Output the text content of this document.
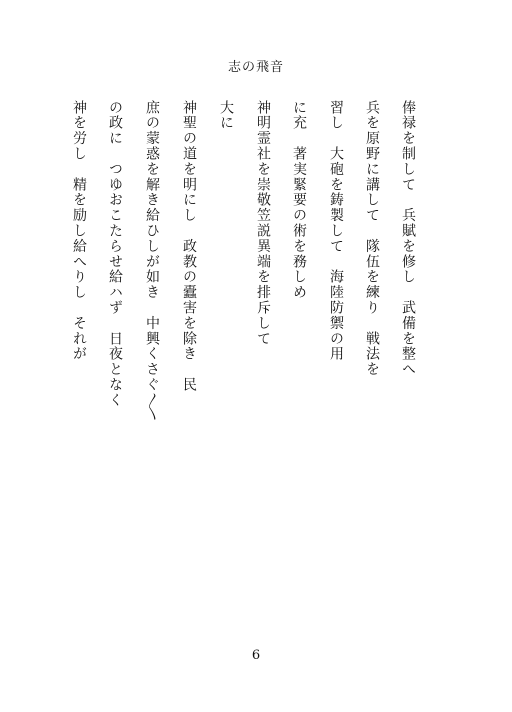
志の飛音
俸禄を制して　兵賦を修し　武備を整へ
兵を原野に講して　隊伍を練り　戦法を
習し　大砲を鋳製して　海陸防禦の用
に充　著実緊要の術を務しめ
神明霊社を崇敬笠説異端を排斥して
大に
神聖の道を明にし　政教の蠹害を除き　民
庶の蒙惑を解き給ひしが如き　中興くさぐ〱
の政に　つゆおこたらせ給ハず　日夜となく
神を労し　精を励し給へりし　それが
6
